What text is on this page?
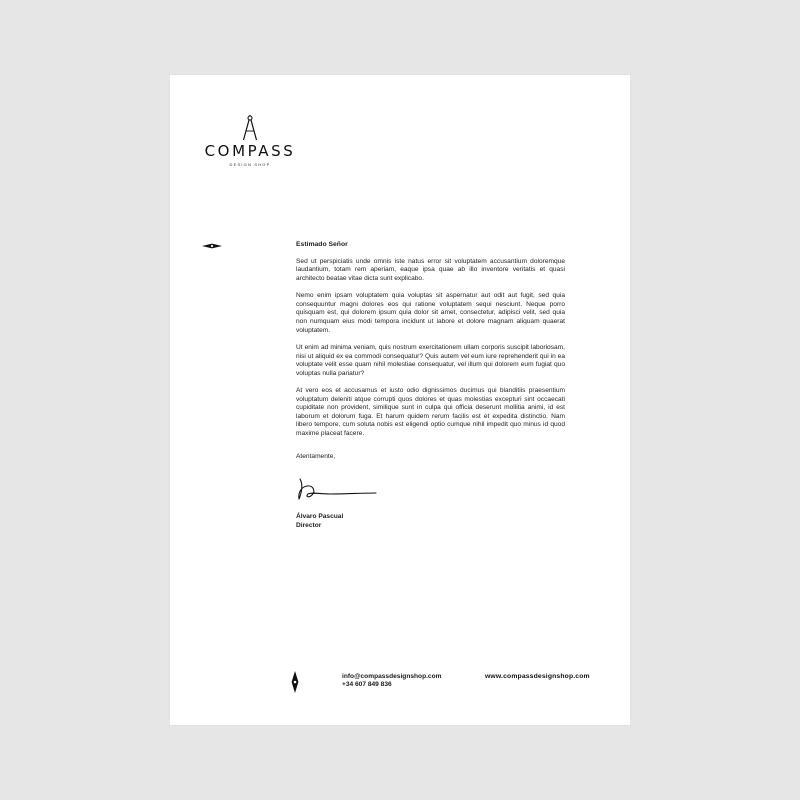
COMPASS
DESIGN SHOP

Estimado Señor

Sed ut perspiciatis unde omnis iste natus error sit voluptatem accusantium doloremque laudantium, totam rem aperiam, eaque ipsa quae ab illo inventore veritatis et quasi architecto beatae vitae dicta sunt explicabo.

Nemo enim ipsam voluptatem quia voluptas sit aspernatur aut odit aut fugit, sed quia consequuntur magni dolores eos qui ratione voluptatem sequi nesciunt. Neque porro quisquam est, qui dolorem ipsum quia dolor sit amet, consectetur, adipisci velit, sed quia non numquam eius modi tempora incidunt ut labore et dolore magnam aliquam quaerat voluptatem.

Ut enim ad minima veniam, quis nostrum exercitationem ullam corporis suscipit laboriosam, nisi ut aliquid ex ea commodi consequatur? Quis autem vel eum iure reprehenderit qui in ea voluptate velit esse quam nihil molestiae consequatur, vel illum qui dolorem eum fugiat quo voluptas nulla pariatur?

At vero eos et accusamus et iusto odio dignissimos ducimus qui blanditiis praesentium voluptatum deleniti atque corrupti quos dolores et quas molestias excepturi sint occaecati cupiditate non provident, similique sunt in culpa qui officia deserunt mollitia animi, id est laborum et dolorum fuga. Et harum quidem rerum facilis est et expedita distinctio. Nam libero tempore, cum soluta nobis est eligendi optio cumque nihil impedit quo minus id quod maxime placeat facere.

Atentamente,

Álvaro Pascual

Director

info@compassdesignshop.com
+34 607 849 836
www.compassdesignshop.com
